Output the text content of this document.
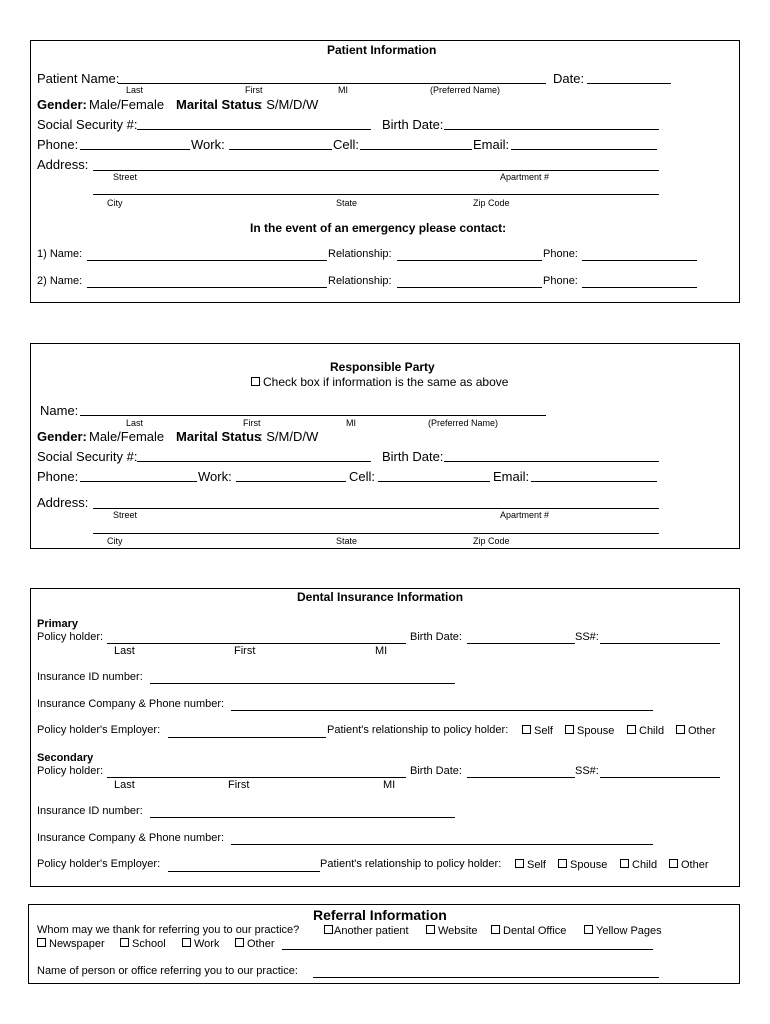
Patient Information
Patient Name:	Date:
Last	First	MI	(Preferred Name)
Gender: Male/Female Marital Status
: S/M/D/W
Social Security #:	Birth Date:
Phone:	Work:	Cell:	Email:
Address:
Street	Apartment #
City	State	Zip Code
In the event of an emergency please contact:
1) Name:	Relationship:	Phone:
2) Name:	Relationship:	Phone:
Responsible Party
Check box if information is the same as above
Name:
Last	First	MI	(Preferred Name)
Gender: Male/Female Marital Status
: S/M/D/W
Social Security #:	Birth Date:
Phone:	Work:	Cell:	Email:
Address:
Street	Apartment #
City	State	Zip Code
Dental Insurance Information
Primary
Policy holder:	Birth Date:	SS#:
Last	First	MI
Insurance ID number:
Insurance Company & Phone number:
Policy holder's Employer:	Patient's relationship to policy holder:	Self	Spouse	Child	Other
Secondary
Policy holder:	Birth Date:	SS#:
Last	First	MI
Insurance ID number:
Insurance Company & Phone number:
Policy holder's Employer:	Patient's relationship to policy holder:	Self	Spouse	Child	Other
Referral Information
Whom may we thank for referring you to our practice?	Another patient	Website	Dental Office	Yellow Pages
Newspaper	School	Work	Other
Name of person or office referring you to our practice:
